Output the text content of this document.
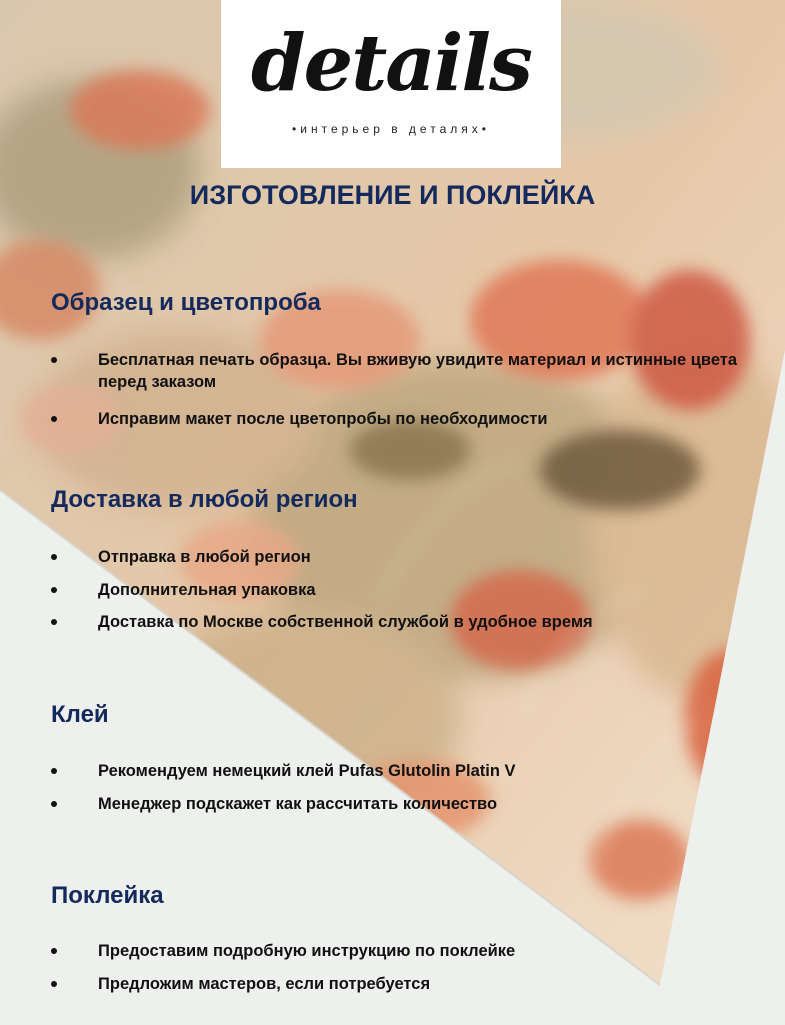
details
•интерьер в деталях•
ИЗГОТОВЛЕНИЕ И ПОКЛЕЙКА
Образец и цветопроба
Бесплатная печать образца. Вы вживую увидите материал и истинные цвета перед заказом
Исправим макет после цветопробы по необходимости
Доставка в любой регион
Отправка в любой регион
Дополнительная упаковка
Доставка по Москве собственной службой в удобное время
Клей
Рекомендуем немецкий клей Pufas Glutolin Platin V
Менеджер подскажет как рассчитать количество
Поклейка
Предоставим подробную инструкцию по поклейке
Предложим мастеров, если потребуется
